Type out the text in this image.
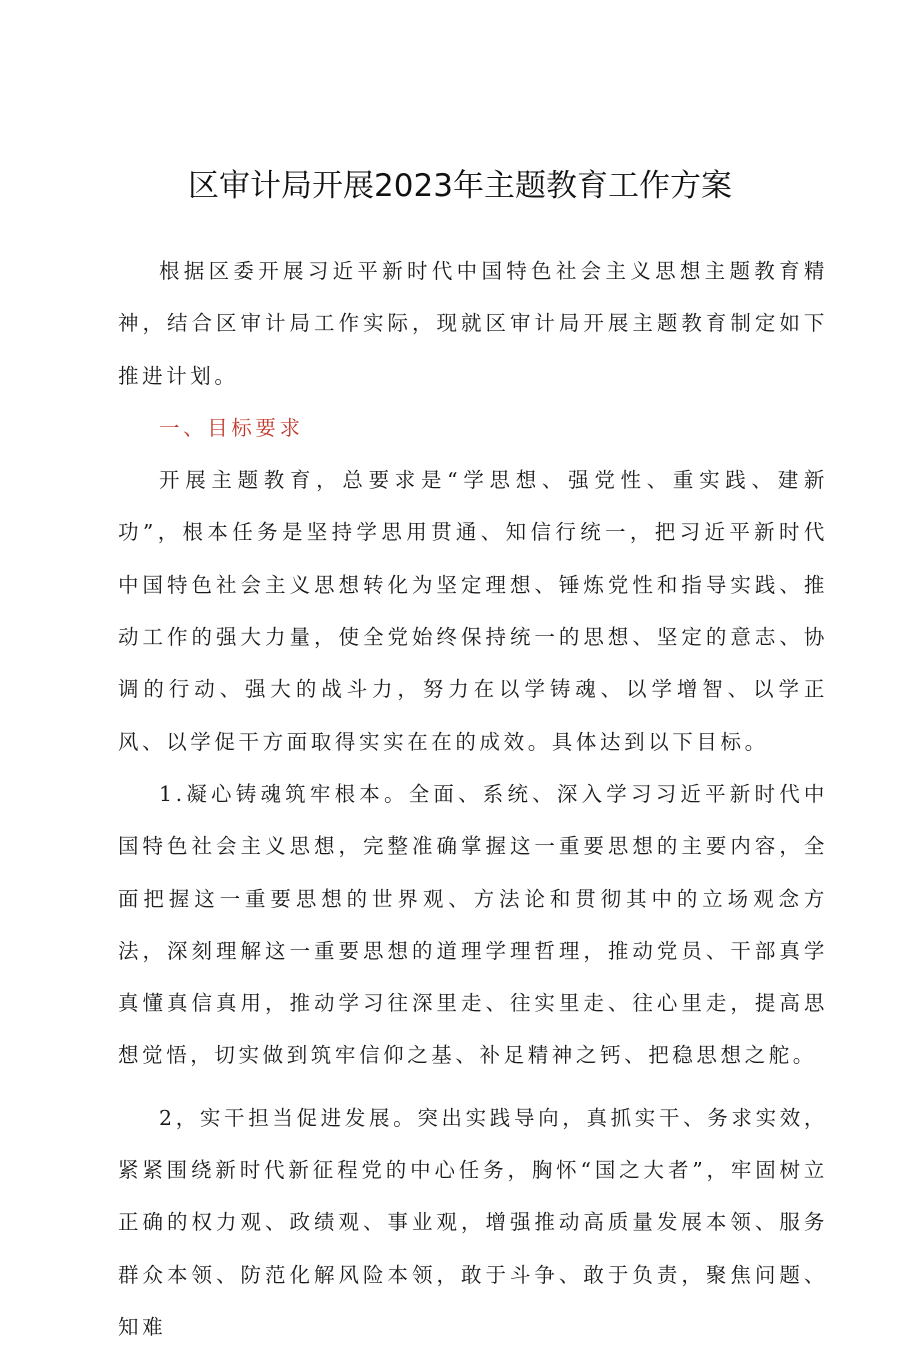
区审计局开展2023年主题教育工作方案

根据区委开展习近平新时代中国特色社会主义思想主题教育精神，结合区审计局工作实际，现就区审计局开展主题教育制定如下推进计划。

一、目标要求

开展主题教育，总要求是“学思想、强党性、重实践、建新功”，根本任务是坚持学思用贯通、知信行统一，把习近平新时代中国特色社会主义思想转化为坚定理想、锤炼党性和指导实践、推动工作的强大力量，使全党始终保持统一的思想、坚定的意志、协调的行动、强大的战斗力，努力在以学铸魂、以学增智、以学正风、以学促干方面取得实实在在的成效。具体达到以下目标。

1.凝心铸魂筑牢根本。全面、系统、深入学习习近平新时代中国特色社会主义思想，完整准确掌握这一重要思想的主要内容，全面把握这一重要思想的世界观、方法论和贯彻其中的立场观念方法，深刻理解这一重要思想的道理学理哲理，推动党员、干部真学真懂真信真用，推动学习往深里走、往实里走、往心里走，提高思想觉悟，切实做到筑牢信仰之基、补足精神之钙、把稳思想之舵。

2，实干担当促进发展。突出实践导向，真抓实干、务求实效，紧紧围绕新时代新征程党的中心任务，胸怀“国之大者”，牢固树立正确的权力观、政绩观、事业观，增强推动高质量发展本领、服务群众本领、防范化解风险本领，敢于斗争、敢于负责，聚焦问题、知难
